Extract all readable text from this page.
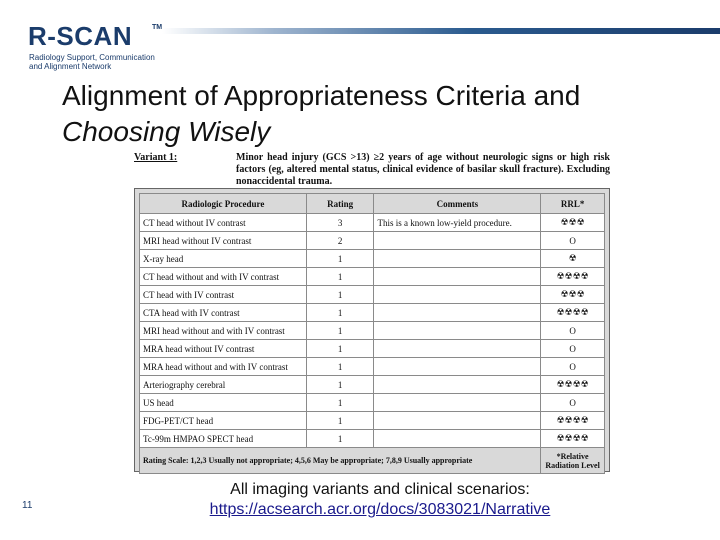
R-SCAN	TM
Radiology Support, Communication
and Alignment Network
Alignment of Appropriateness Criteria and
Choosing Wisely
Variant 1:	Minor head injury (GCS >13) ≥2 years of age without neurologic signs or high risk factors (eg, altered mental status, clinical evidence of basilar skull fracture). Excluding nonaccidental trauma.
Radiologic Procedure	Rating	Comments	RRL*
CT head without IV contrast	3	This is a known low-yield procedure.	☢☢☢
MRI head without IV contrast	2		O
X-ray head	1		☢
CT head without and with IV contrast	1		☢☢☢☢
CT head with IV contrast	1		☢☢☢
CTA head with IV contrast	1		☢☢☢☢
MRI head without and with IV contrast	1		O
MRA head without IV contrast	1		O
MRA head without and with IV contrast	1		O
Arteriography cerebral	1		☢☢☢☢
US head	1		O
FDG-PET/CT head	1		☢☢☢☢
Tc-99m HMPAO SPECT head	1		☢☢☢☢
Rating Scale: 1,2,3 Usually not appropriate; 4,5,6 May be appropriate; 7,8,9 Usually appropriate			*Relative
Radiation Level
11
All imaging variants and clinical scenarios:
https://acsearch.acr.org/docs/3083021/Narrative
